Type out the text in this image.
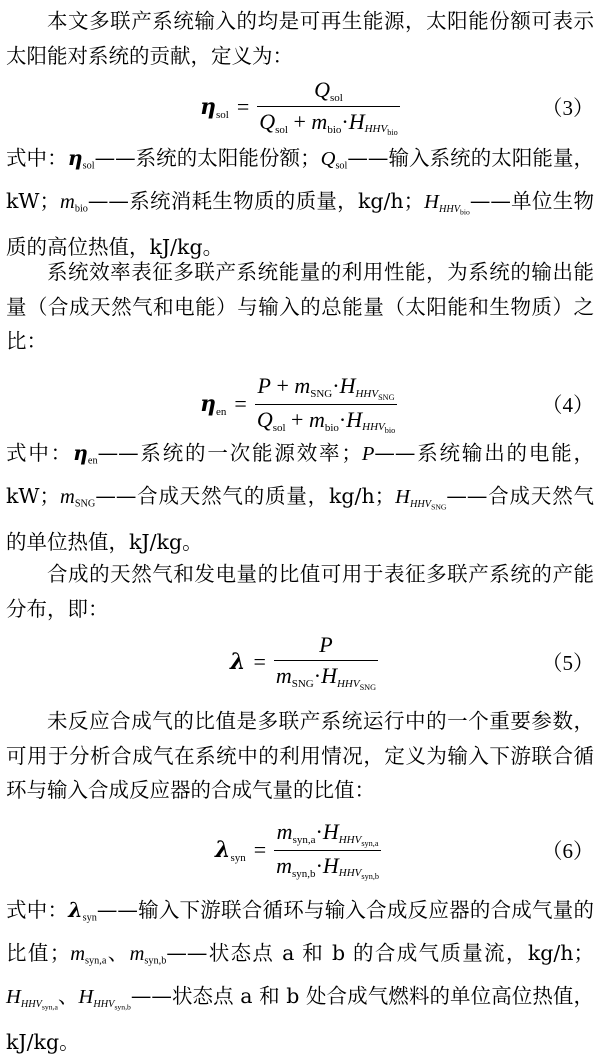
本文多联产系统输入的均是可再生能源，太阳能份额可表示太阳能对系统的贡献，定义为：

$\eta_{sol} = \frac{Q_{sol}}{Q_{sol} + m_{bio}\cdot HHHV_{bio}}$	（3）

式中：$\eta_{sol}——$系统的太阳能份额；$Q_{sol}——$输入系统的太阳能量，kW；$m_{bio}——$系统消耗生物质的质量，kg/h；$HHHV_{bio}——$单位生物质的高位热值，kJ/kg。

系统效率表征多联产系统能量的利用性能，为系统的输出能量（合成天然气和电能）与输入的总能量（太阳能和生物质）之比：

$\eta_{en} = \frac{P + m_{SNG}\cdot HHHV_{SNG}}{Q_{sol} + m_{bio}\cdot HHHV_{bio}}$	（4）

式中：$\eta_{en}——$系统的一次能源效率；P——系统输出的电能，kW；$m_{SNG}——$合成天然气的质量，kg/h；$HHHV_{SNG}——$合成天然气的单位热值，kJ/kg。

合成的天然气和发电量的比值可用于表征多联产系统的产能分布，即：

$\lambda = \frac{P}{m_{SNG}\cdot HHHV_{SNG}}$	（5）

未反应合成气的比值是多联产系统运行中的一个重要参数，可用于分析合成气在系统中的利用情况，定义为输入下游联合循环与输入合成反应器的合成气量的比值：

$\lambda_{syn} = \frac{m_{syn,a}\cdot HHHV_{syn,a}}{m_{syn,b}\cdot HHHV_{syn,b}}$	（6）

式中：$\lambda_{syn}——$输入下游联合循环与输入合成反应器的合成气量的比值；$m_{syn,a}$、$m_{syn,b}——$状态点 a 和 b 的合成气质量流，kg/h；$HHHV_{syn,a}$、$HHHV_{syn,b}——$状态点 a 和 b 处合成气燃料的单位高位热值，kJ/kg。
